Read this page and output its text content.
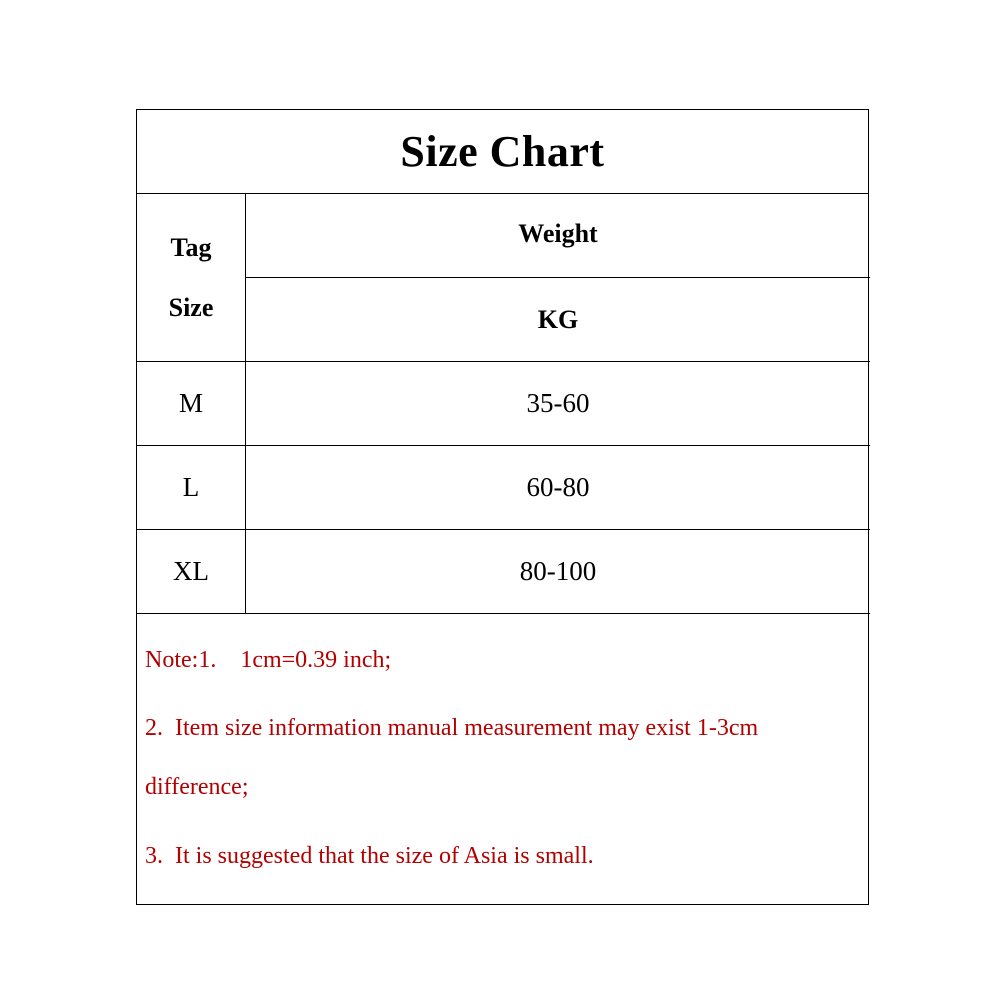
Size Chart
Tag
Size
Weight
KG
M	35-60
L	60-80
XL	80-100
Note:1.    1cm=0.39 inch;
2.  Item size information manual measurement may exist 1-3cm
difference;
3.  It is suggested that the size of Asia is small.
